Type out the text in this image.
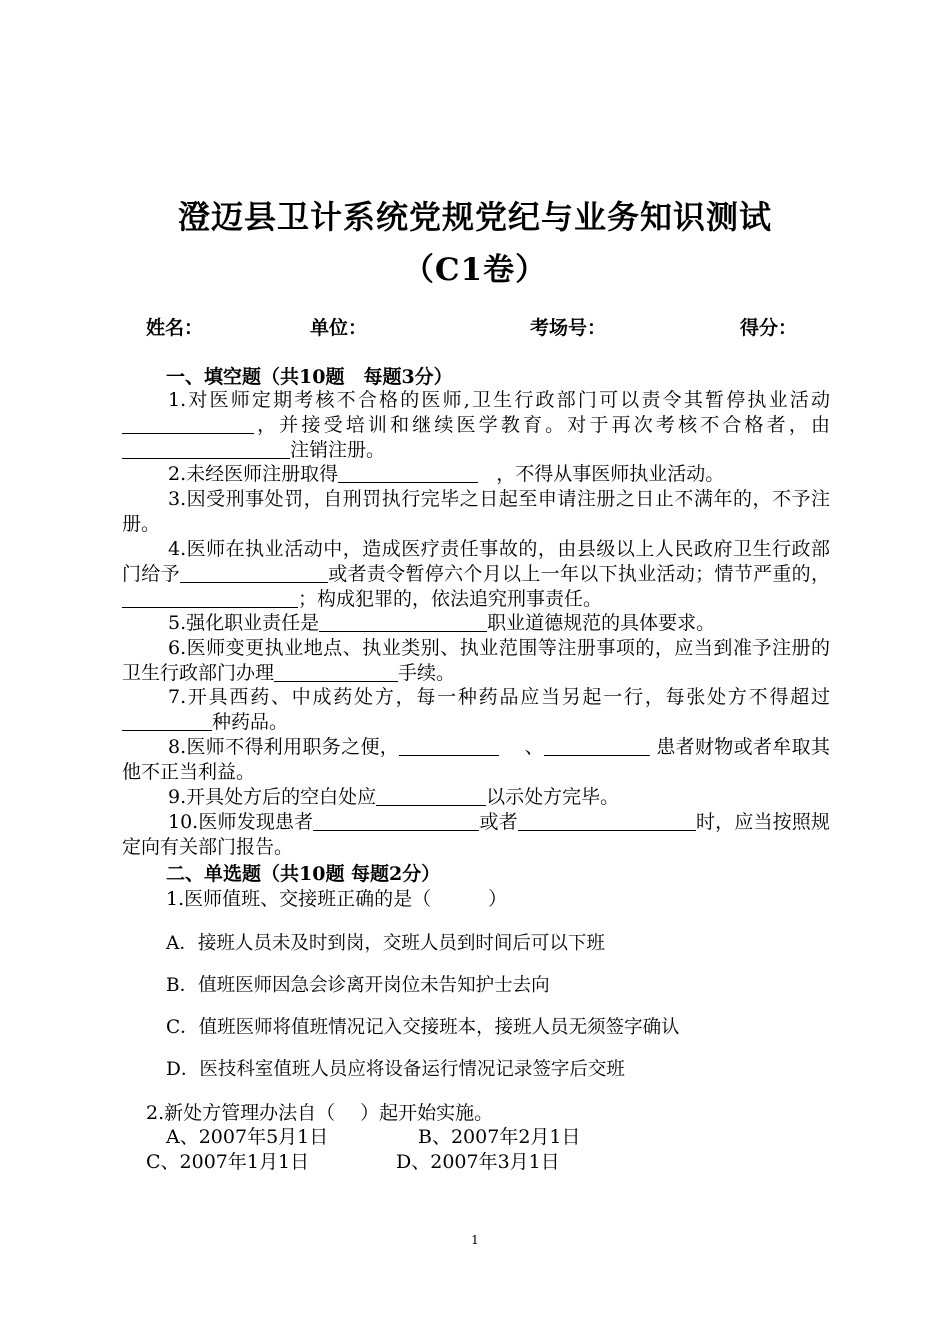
澄迈县卫计系统党规党纪与业务知识测试
（C1卷）
姓名：	单位：	考场号：	得分：
一、填空题（共10题　每题3分）
1.对医师定期考核不合格的医师,卫生行政部门可以责令其暂停执业活动，并接受培训和继续医学教育。对于再次考核不合格者，由注销注册。
2.未经医师注册取得	，不得从事医师执业活动。
3.因受刑事处罚，自刑罚执行完毕之日起至申请注册之日止不满年的，不予注册。
4.医师在执业活动中，造成医疗责任事故的，由县级以上人民政府卫生行政部门给予	或者责令暂停六个月以上一年以下执业活动；情节严重的，；构成犯罪的，依法追究刑事责任。
5.强化职业责任是	职业道德规范的具体要求。
6.医师变更执业地点、执业类别、执业范围等注册事项的，应当到准予注册的卫生行政部门办理	手续。
7.开具西药、中成药处方，每一种药品应当另起一行，每张处方不得超过种药品。
8.医师不得利用职务之便，	、	患者财物或者牟取其他不正当利益。
9.开具处方后的空白处应	以示处方完毕。
10.医师发现患者	或者	时，应当按照规定向有关部门报告。
二、单选题（共10题 每题2分）
1.医师值班、交接班正确的是（　　　）
A．接班人员未及时到岗，交班人员到时间后可以下班
B．值班医师因急会诊离开岗位未告知护士去向
C．值班医师将值班情况记入交接班本，接班人员无须签字确认
D．医技科室值班人员应将设备运行情况记录签字后交班
2.新处方管理办法自（　 ）起开始实施。
A、2007年5月1日	B、2007年2月1日
C、2007年1月1日	D、2007年3月1日
1
